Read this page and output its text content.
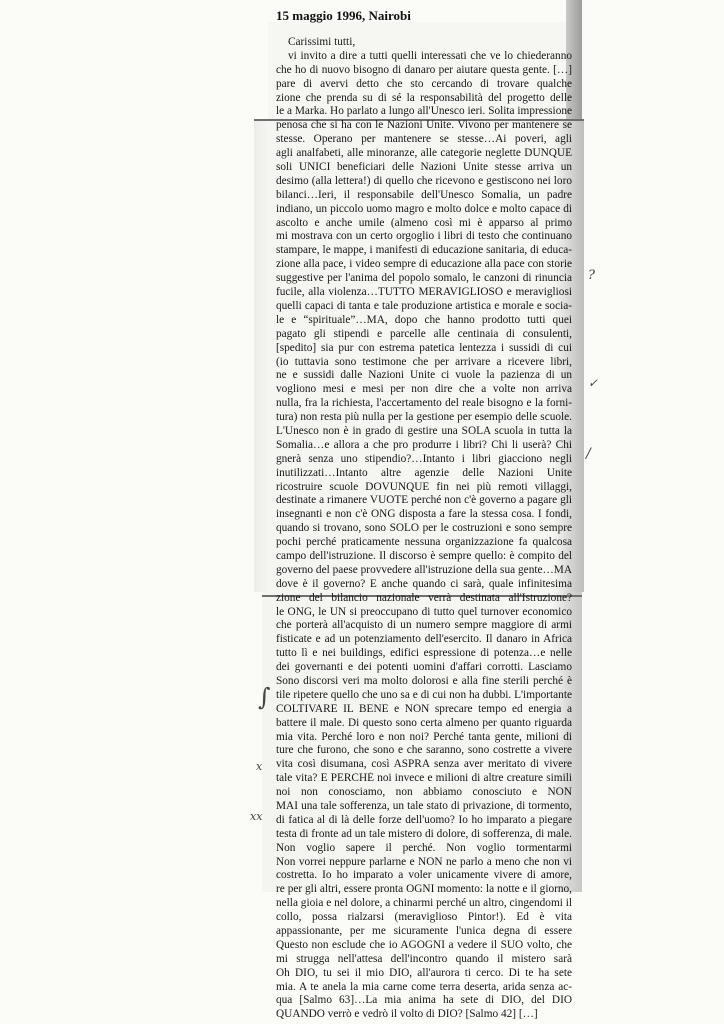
15 maggio 1996, Nairobi
Carissimi tutti,
vi invito a dire a tutti quelli interessati che ve lo chiederanno
che ho di nuovo bisogno di danaro per aiutare questa gente. […]
pare di avervi detto che sto cercando di trovare qualche
zione che prenda su di sé la responsabilità del progetto delle
le a Marka. Ho parlato a lungo all'Unesco ieri. Solita impressione
penosa che si ha con le Nazioni Unite. Vivono per mantenere se
stesse. Operano per mantenere se stesse…Ai poveri, agli
agli analfabeti, alle minoranze, alle categorie neglette DUNQUE
soli UNICI beneficiari delle Nazioni Unite stesse arriva un
desimo (alla lettera!) di quello che ricevono e gestiscono nei loro
bilanci…Ieri, il responsabile dell'Unesco Somalia, un padre
indiano, un piccolo uomo magro e molto dolce e molto capace di
ascolto e anche umile (almeno così mi è apparso al primo
mi mostrava con un certo orgoglio i libri di testo che continuano
stampare, le mappe, i manifesti di educazione sanitaria, di educa-
zione alla pace, i video sempre di educazione alla pace con storie
suggestive per l'anima del popolo somalo, le canzoni di rinuncia
fucile, alla violenza…TUTTO MERAVIGLIOSO e meravigliosi
quelli capaci di tanta e tale produzione artistica e morale e socia-
le e “spirituale”…MA, dopo che hanno prodotto tutti quei
pagato gli stipendi e parcelle alle centinaia di consulenti,
[spedito] sia pur con estrema patetica lentezza i sussidi di cui
(io tuttavia sono testimone che per arrivare a ricevere libri,
ne e sussidi dalle Nazioni Unite ci vuole la pazienza di un
vogliono mesi e mesi per non dire che a volte non arriva
nulla, fra la richiesta, l'accertamento del reale bisogno e la forni-
tura) non resta più nulla per la gestione per esempio delle scuole.
L'Unesco non è in grado di gestire una SOLA scuola in tutta la
Somalia…e allora a che pro produrre i libri? Chi li userà? Chi
gnerà senza uno stipendio?…Intanto i libri giacciono negli
inutilizzati…Intanto altre agenzie delle Nazioni Unite
ricostruire scuole DOVUNQUE fin nei più remoti villaggi,
destinate a rimanere VUOTE perché non c'è governo a pagare gli
insegnanti e non c'è ONG disposta a fare la stessa cosa. I fondi,
quando si trovano, sono SOLO per le costruzioni e sono sempre
pochi perché praticamente nessuna organizzazione fa qualcosa
campo dell'istruzione. Il discorso è sempre quello: è compito del
governo del paese provvedere all'istruzione della sua gente…MA
dove è il governo? E anche quando ci sarà, quale infinitesima
zione del bilancio nazionale verrà destinata all'Istruzione?
le ONG, le UN si preoccupano di tutto quel turnover economico
che porterà all'acquisto di un numero sempre maggiore di armi
fisticate e ad un potenziamento dell'esercito. Il danaro in Africa
tutto lì e nei buildings, edifici espressione di potenza…e nelle
dei governanti e dei potenti uomini d'affari corrotti. Lasciamo
Sono discorsi veri ma molto dolorosi e alla fine sterili perché è
tile ripetere quello che uno sa e di cui non ha dubbi. L'importante
COLTIVARE IL BENE e NON sprecare tempo ed energia a
battere il male. Di questo sono certa almeno per quanto riguarda
mia vita. Perché loro e non noi? Perché tanta gente, milioni di
ture che furono, che sono e che saranno, sono costrette a vivere
vita così disumana, così ASPRA senza aver meritato di vivere
tale vita? E PERCHÉ noi invece e milioni di altre creature simili
noi non conosciamo, non abbiamo conosciuto e NON
MAI una tale sofferenza, un tale stato di privazione, di tormento,
di fatica al di là delle forze dell'uomo? Io ho imparato a piegare
testa di fronte ad un tale mistero di dolore, di sofferenza, di male.
Non voglio sapere il perché. Non voglio tormentarmi
Non vorrei neppure parlarne e NON ne parlo a meno che non vi
costretta. Io ho imparato a voler unicamente vivere di amore,
re per gli altri, essere pronta OGNI momento: la notte e il giorno,
nella gioia e nel dolore, a chinarmi perché un altro, cingendomi il
collo, possa rialzarsi (meraviglioso Pintor!). Ed è vita
appassionante, per me sicuramente l'unica degna di essere
Questo non esclude che io AGOGNI a vedere il SUO volto, che
mi strugga nell'attesa dell'incontro quando il mistero sarà
Oh DIO, tu sei il mio DIO, all'aurora ti cerco. Di te ha sete
mia. A te anela la mia carne come terra deserta, arida senza ac-
qua [Salmo 63]…La mia anima ha sete di DIO, del DIO
QUANDO verrò e vedrò il volto di DIO? [Salmo 42] […]
?
✓
/
∫
x
xx
